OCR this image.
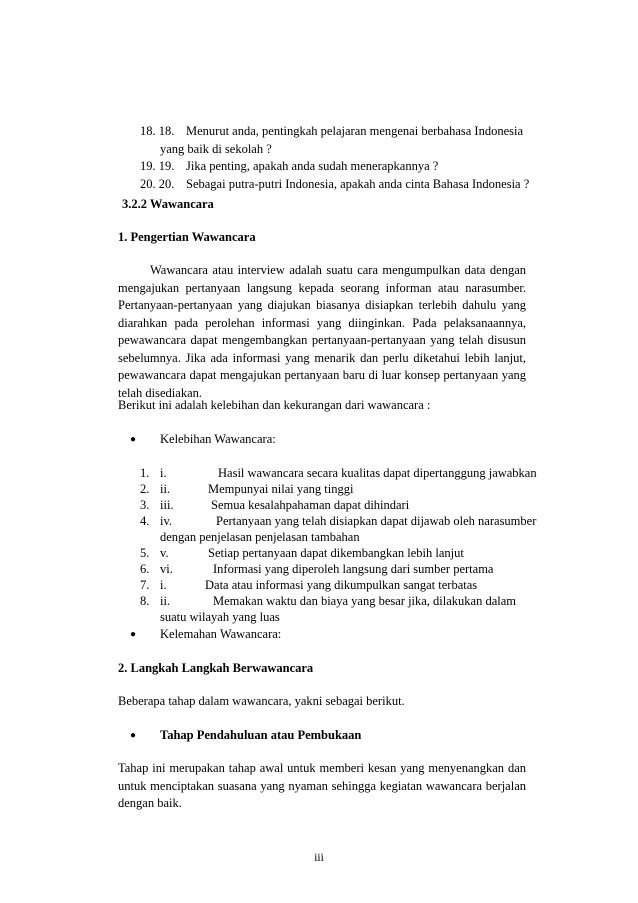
18. 18. Menurut anda, pentingkah pelajaran mengenai berbahasa Indonesia
yang baik di sekolah ?
19. 19. Jika penting, apakah anda sudah menerapkannya ?
20. 20. Sebagai putra-putri Indonesia, apakah anda cinta Bahasa Indonesia ?
3.2.2 Wawancara
1. Pengertian Wawancara
Wawancara atau interview adalah suatu cara mengumpulkan data dengan
mengajukan pertanyaan langsung kepada seorang informan atau narasumber.
Pertanyaan-pertanyaan yang diajukan biasanya disiapkan terlebih dahulu yang
diarahkan pada perolehan informasi yang diinginkan. Pada pelaksanaannya,
pewawancara dapat mengembangkan pertanyaan-pertanyaan yang telah disusun
sebelumnya. Jika ada informasi yang menarik dan perlu diketahui lebih lanjut,
pewawancara dapat mengajukan pertanyaan baru di luar konsep pertanyaan yang
telah disediakan.
Berikut ini adalah kelebihan dan kekurangan dari wawancara :
● Kelebihan Wawancara:
1. i.	Hasil wawancara secara kualitas dapat dipertanggung jawabkan
2. ii.	Mempunyai nilai yang tinggi
3. iii.	Semua kesalahpahaman dapat dihindari
4. iv.	Pertanyaan yang telah disiapkan dapat dijawab oleh narasumber
dengan penjelasan penjelasan tambahan
5. v.	Setiap pertanyaan dapat dikembangkan lebih lanjut
6. vi.	Informasi yang diperoleh langsung dari sumber pertama
7. i.	Data atau informasi yang dikumpulkan sangat terbatas
8. ii.	Memakan waktu dan biaya yang besar jika, dilakukan dalam
suatu wilayah yang luas
● Kelemahan Wawancara:
2. Langkah Langkah Berwawancara
Beberapa tahap dalam wawancara, yakni sebagai berikut.
● Tahap Pendahuluan atau Pembukaan
Tahap ini merupakan tahap awal untuk memberi kesan yang menyenangkan dan
untuk menciptakan suasana yang nyaman sehingga kegiatan wawancara berjalan
dengan baik.
iii
